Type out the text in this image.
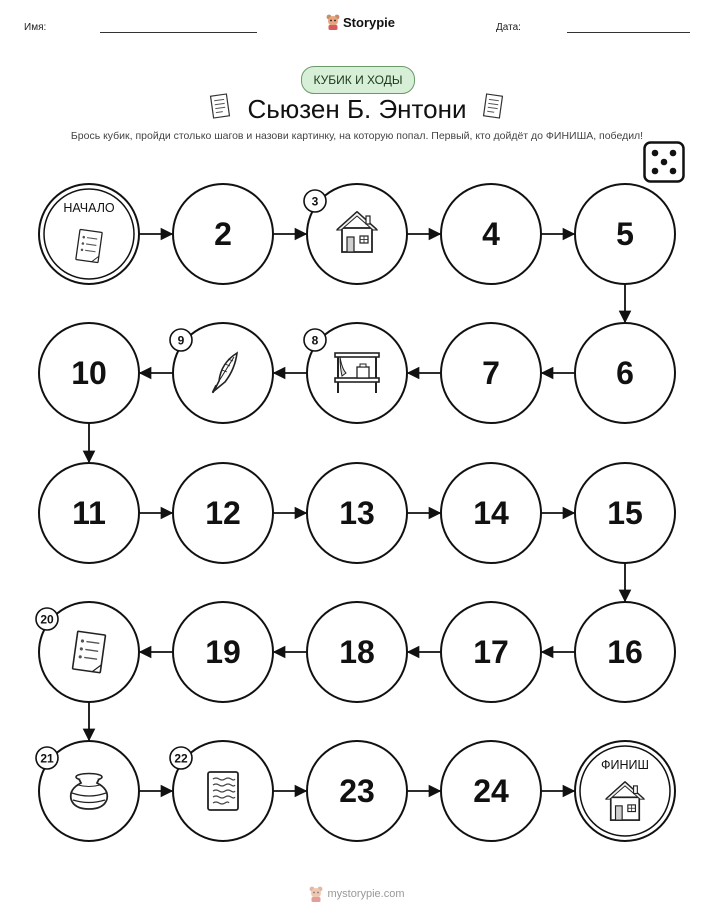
Имя:	Storypie	Дата:
КУБИК И ХОДЫ
Сьюзен Б. Энтони
Брось кубик, пройди столько шагов и назови картинку, на которую попал. Первый, кто дойдёт до ФИНИША, победил!
НАЧАЛО
2
3
4	5
6
7
8
9
10
11	12	13	14	15
16
17
18
19
20
21	22
23	24
ФИНИШ
mystorypie.com
